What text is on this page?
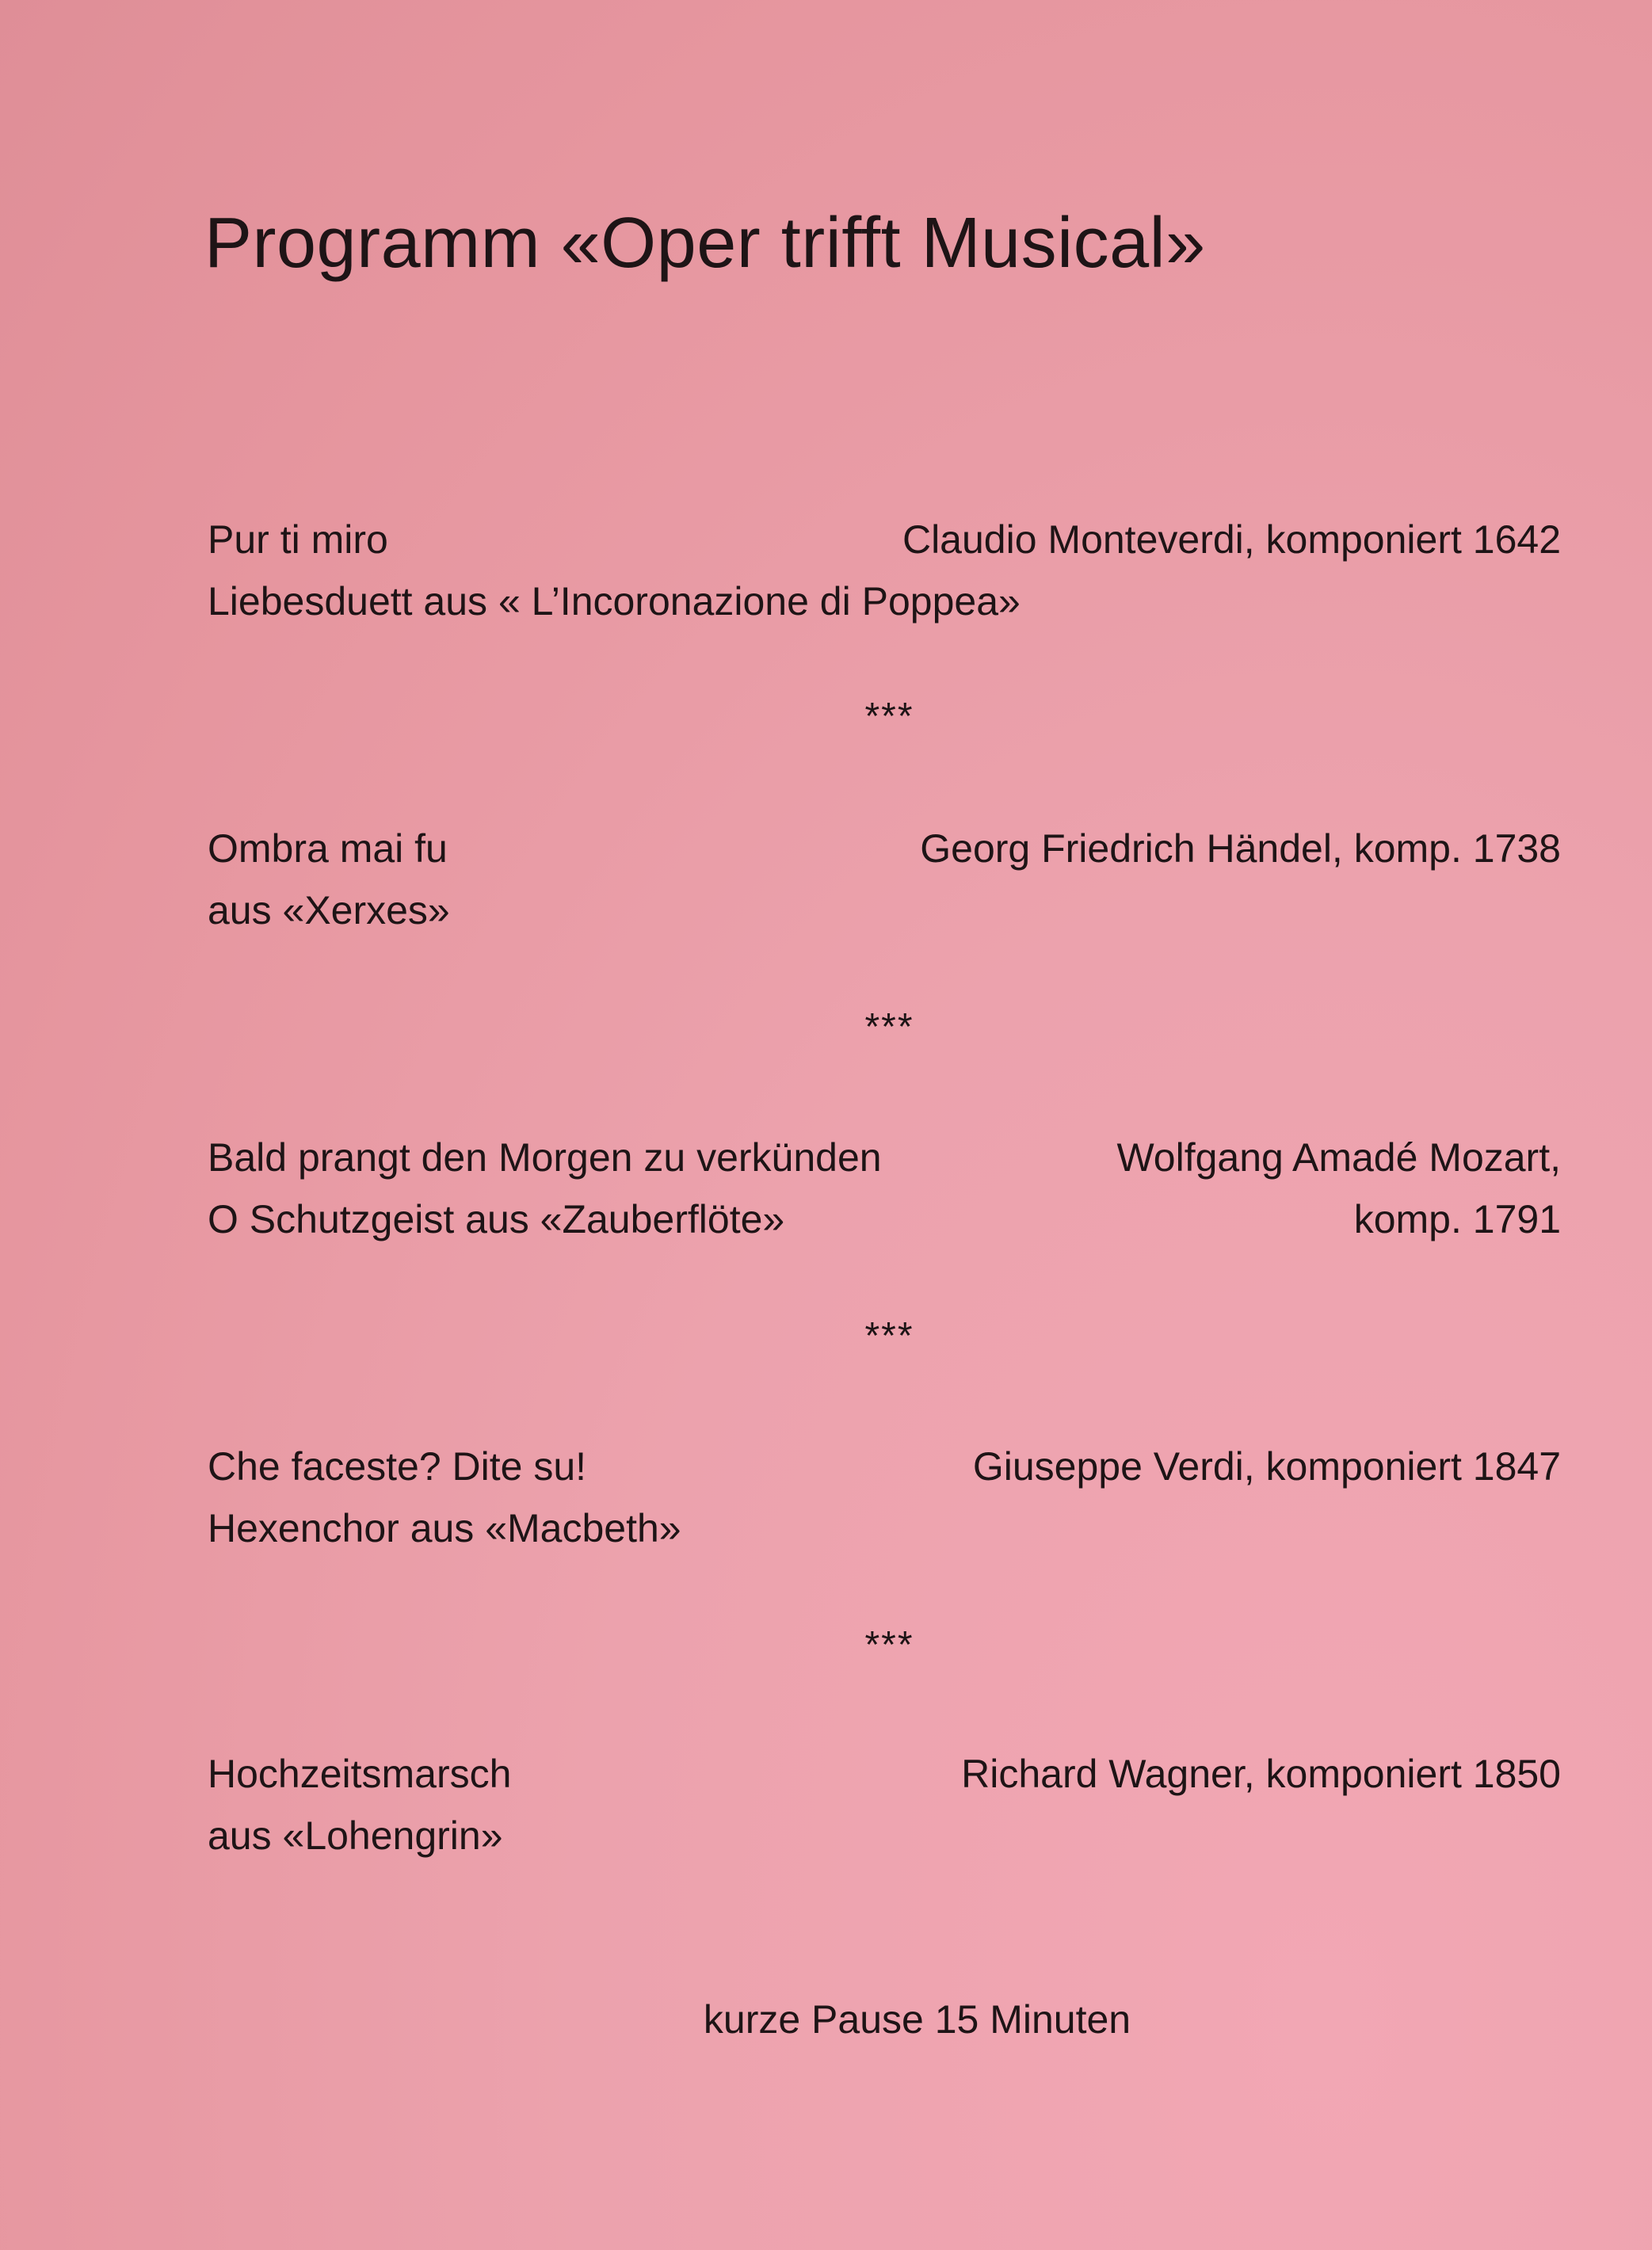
Programm «Oper trifft Musical»
Pur ti miro
Liebesduett aus « L’Incoronazione di Poppea»
Claudio Monteverdi, komponiert 1642
***
Ombra mai fu
aus «Xerxes»
Georg Friedrich Händel, komp. 1738
***
Bald prangt den Morgen zu verkünden
O Schutzgeist aus «Zauberflöte»
Wolfgang Amadé Mozart,
komp. 1791
***
Che faceste? Dite su!
Hexenchor aus «Macbeth»
Giuseppe Verdi, komponiert 1847
***
Hochzeitsmarsch
aus «Lohengrin»
Richard Wagner, komponiert 1850
kurze Pause 15 Minuten
